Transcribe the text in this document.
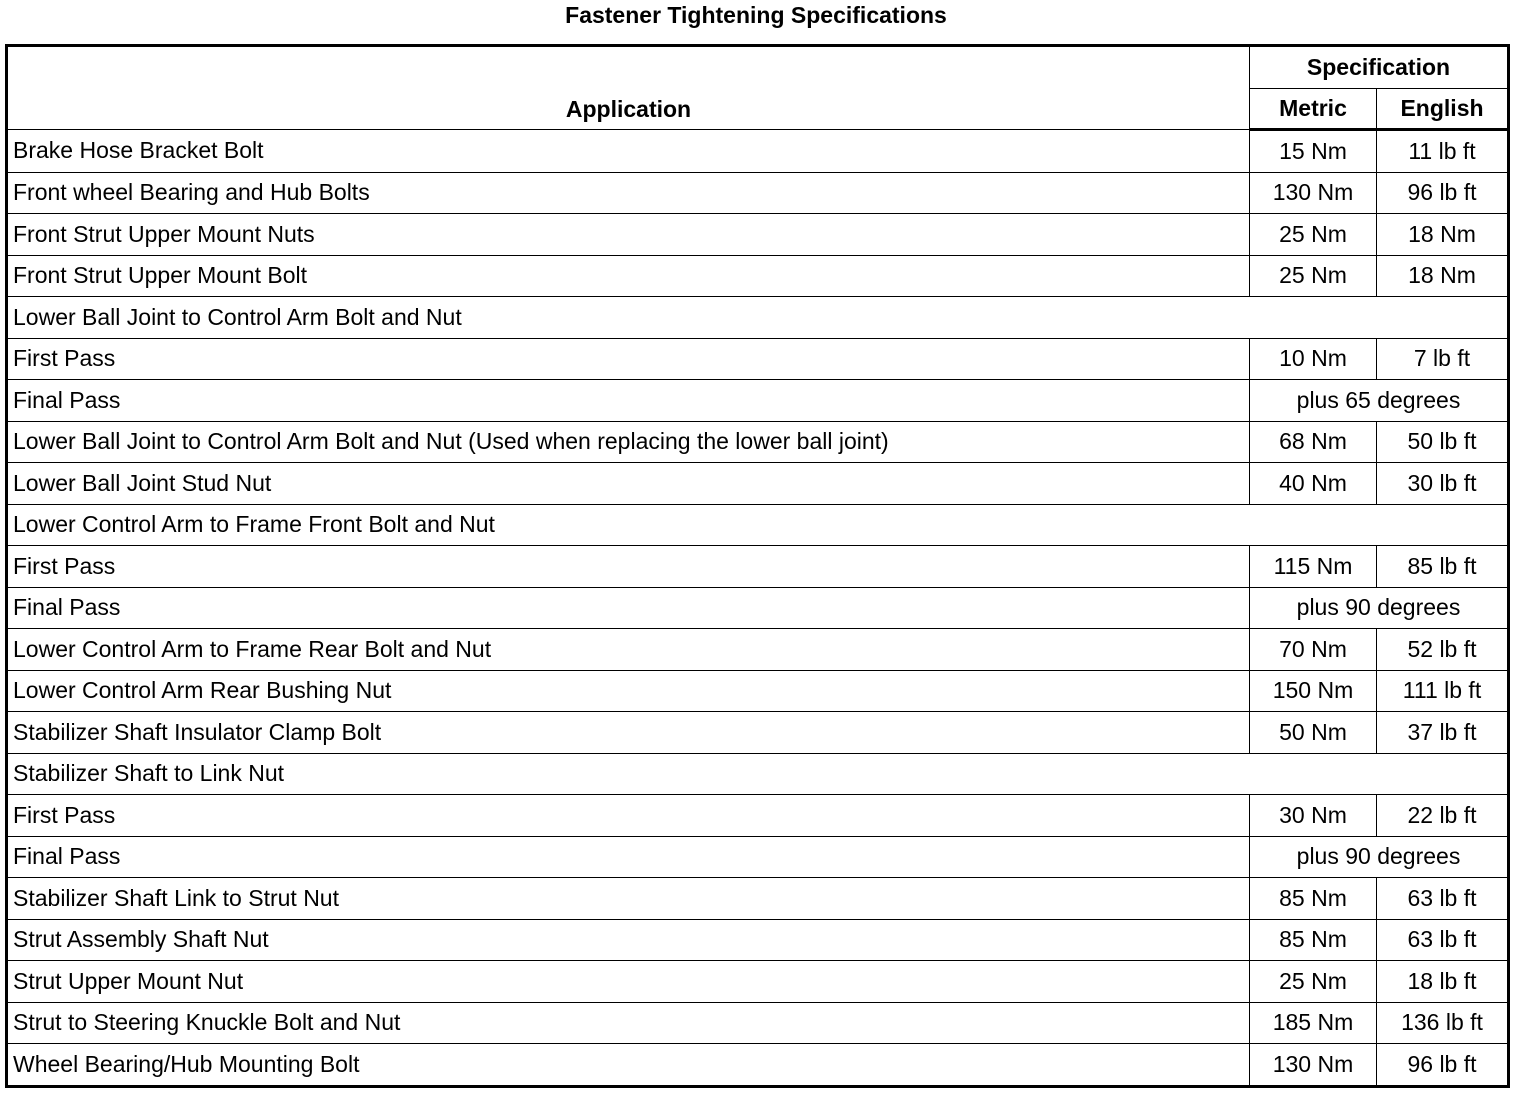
Fastener Tightening Specifications
Application	Specification	
	Metric	English
Brake Hose Bracket Bolt	15 Nm	11 lb ft
Front wheel Bearing and Hub Bolts	130 Nm	96 lb ft
Front Strut Upper Mount Nuts	25 Nm	18 Nm
Front Strut Upper Mount Bolt	25 Nm	18 Nm
Lower Ball Joint to Control Arm Bolt and Nut		
First Pass	10 Nm	7 lb ft
Final Pass	plus 65 degrees	
Lower Ball Joint to Control Arm Bolt and Nut (Used when replacing the lower ball joint)	68 Nm	50 lb ft
Lower Ball Joint Stud Nut	40 Nm	30 lb ft
Lower Control Arm to Frame Front Bolt and Nut		
First Pass	115 Nm	85 lb ft
Final Pass	plus 90 degrees	
Lower Control Arm to Frame Rear Bolt and Nut	70 Nm	52 lb ft
Lower Control Arm Rear Bushing Nut	150 Nm	111 lb ft
Stabilizer Shaft Insulator Clamp Bolt	50 Nm	37 lb ft
Stabilizer Shaft to Link Nut		
First Pass	30 Nm	22 lb ft
Final Pass	plus 90 degrees	
Stabilizer Shaft Link to Strut Nut	85 Nm	63 lb ft
Strut Assembly Shaft Nut	85 Nm	63 lb ft
Strut Upper Mount Nut	25 Nm	18 lb ft
Strut to Steering Knuckle Bolt and Nut	185 Nm	136 lb ft
Wheel Bearing/Hub Mounting Bolt	130 Nm	96 lb ft
